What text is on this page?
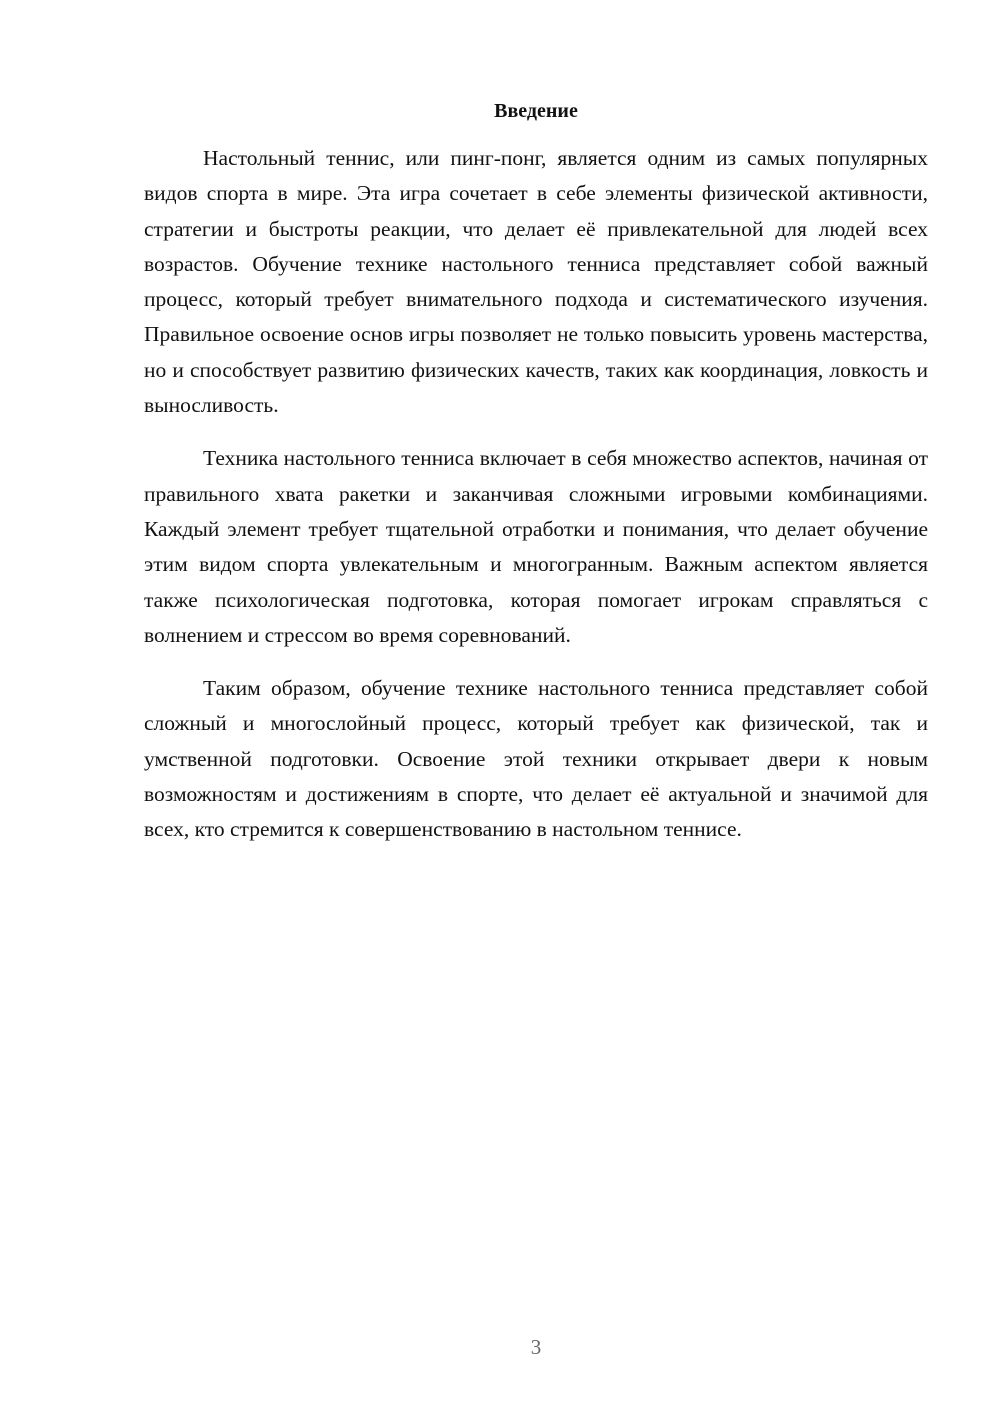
Введение

Настольный теннис, или пинг-понг, является одним из самых популярных видов спорта в мире. Эта игра сочетает в себе элементы физической активности, стратегии и быстроты реакции, что делает её привлекательной для людей всех возрастов. Обучение технике настольного тенниса представляет собой важный процесс, который требует внимательного подхода и систематического изучения. Правильное освоение основ игры позволяет не только повысить уровень мастерства, но и способствует развитию физических качеств, таких как координация, ловкость и выносливость.

Техника настольного тенниса включает в себя множество аспектов, начиная от правильного хвата ракетки и заканчивая сложными игровыми комбинациями. Каждый элемент требует тщательной отработки и понимания, что делает обучение этим видом спорта увлекательным и многогранным. Важным аспектом является также психологическая подготовка, которая помогает игрокам справляться с волнением и стрессом во время соревнований.

Таким образом, обучение технике настольного тенниса представляет собой сложный и многослойный процесс, который требует как физической, так и умственной подготовки. Освоение этой техники открывает двери к новым возможностям и достижениям в спорте, что делает её актуальной и значимой для всех, кто стремится к совершенствованию в настольном теннисе.

3
